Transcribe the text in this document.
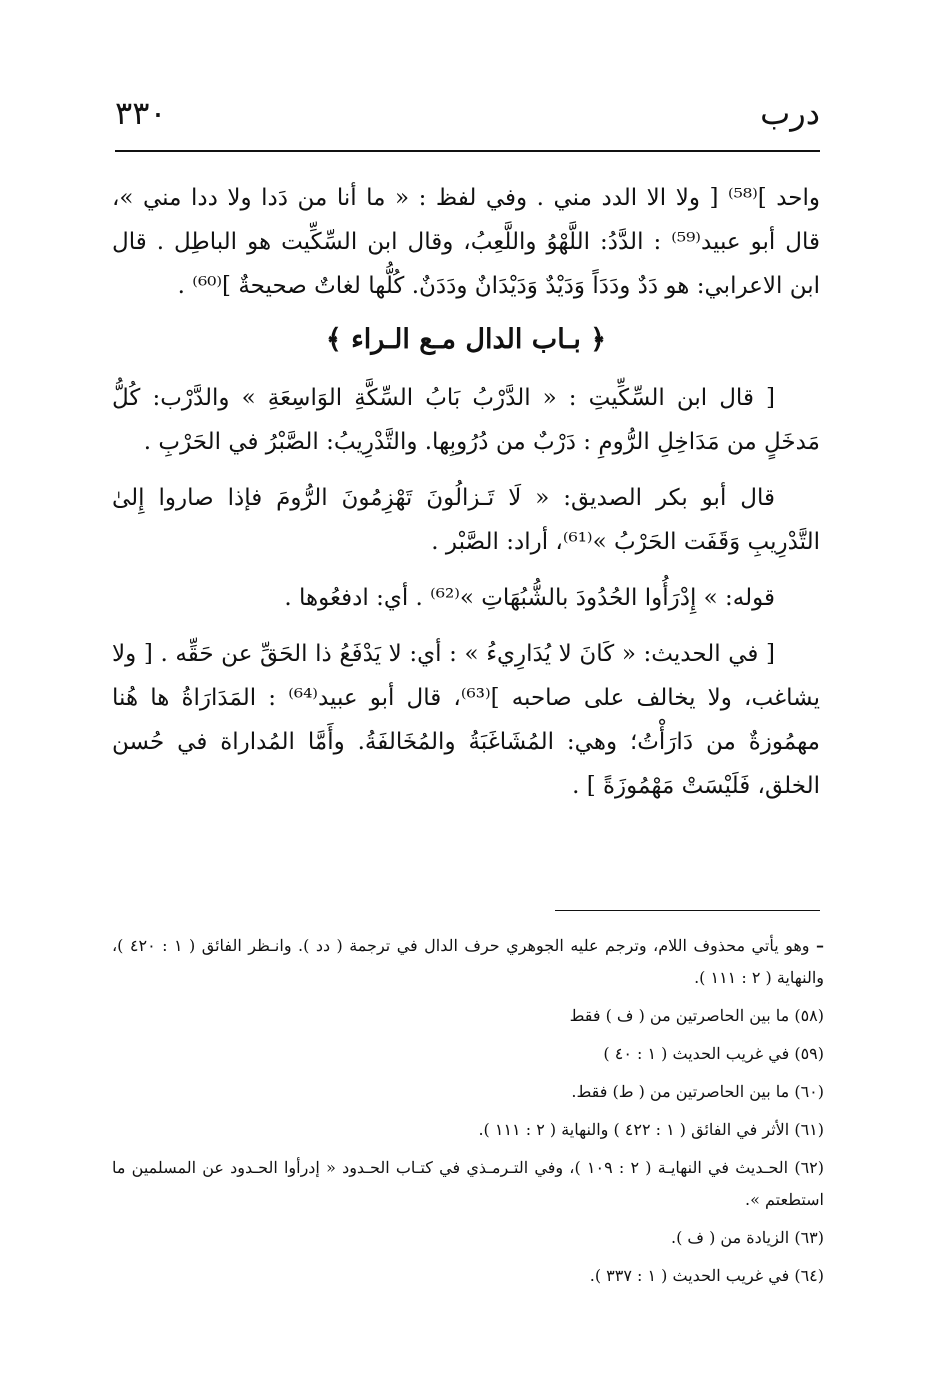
درب
٣٣٠

واحد ]⁽⁵⁸⁾ [ ولا الا الدد مني . وفي لفظ : « ما أنا من دَدا ولا ددا مني »، قال أبو عبيد⁽⁵⁹⁾ : الدَّدُ: اللَّهْوُ واللَّعِبُ، وقال ابن السِّكِّيت هو الباطِل . قال ابن الاعرابي: هو دَدٌ ودَدَاً وَدَيْدٌ وَدَيْدَانٌ ودَدَنٌ. كُلُّها لغاتٌ صحيحةٌ ]⁽⁶⁰⁾ .

﴿ بـاب الدال مـع الـراء ﴾

[ قال ابن السِّكِّيتِ : « الدَّرْبُ بَابُ السِّكَّةِ الوَاسِعَةِ » والدَّرْب: كُلُّ مَدخَلٍ من مَدَاخِلِ الرُّومِ : دَرْبٌ من دُرُوبِها. والتَّدْرِيبُ: الصَّبْرُ في الحَرْبِ .

قال أبو بكر الصديق: « لَا تَـزالُونَ تَهْزِمُونَ الرُّومَ فإذا صاروا إِلىٰ التَّدْرِيبِ وَقَفَت الحَرْبُ »⁽⁶¹⁾، أراد: الصَّبْر .

قوله: » إِدْرَأُوا الحُدُودَ بالشُّبُهَاتِ »⁽⁶²⁾ . أي: ادفعُوها .

[ في الحديث: « كَانَ لا يُدَارِيءُ » : أي: لا يَدْفَعُ ذا الحَقِّ عن حَقِّه . [ ولا يشاغب، ولا يخالف على صاحبه ]⁽⁶³⁾، قال أبو عبيد⁽⁶⁴⁾ : المَدَارَاةُ ها هُنا مهمُوزةٌ من دَارَأْتُ؛ وهي: المُشَاغَبَةُ والمُخَالفَةُ. وأَمَّا المُداراة في حُسن الخلق، فَلَيْسَتْ مَهْمُوزَةً ] .

– وهو يأتي محذوف اللام، وترجم عليه الجوهري حرف الدال في ترجمة ( دد ). وانـظر الفائق ( ١ : ٤٢٠ )، والنهاية ( ٢ : ١١١ ).

(٥٨) ما بين الحاصرتين من ( ف ) فقط

(٥٩) في غريب الحديث ( ١ : ٤٠ )

(٦٠) ما بين الحاصرتين من ( ط) فقط.

(٦١) الأثر في الفائق ( ١ : ٤٢٢ ) والنهاية ( ٢ : ١١١ ).

(٦٢) الحـديث في النهايـة ( ٢ : ١٠٩ )، وفي التـرمـذي في كتـاب الحـدود « إدرأوا الحـدود عن المسلمين ما استطعتم ».

(٦٣) الزيادة من ( ف ).

(٦٤) في غريب الحديث ( ١ : ٣٣٧ ).
